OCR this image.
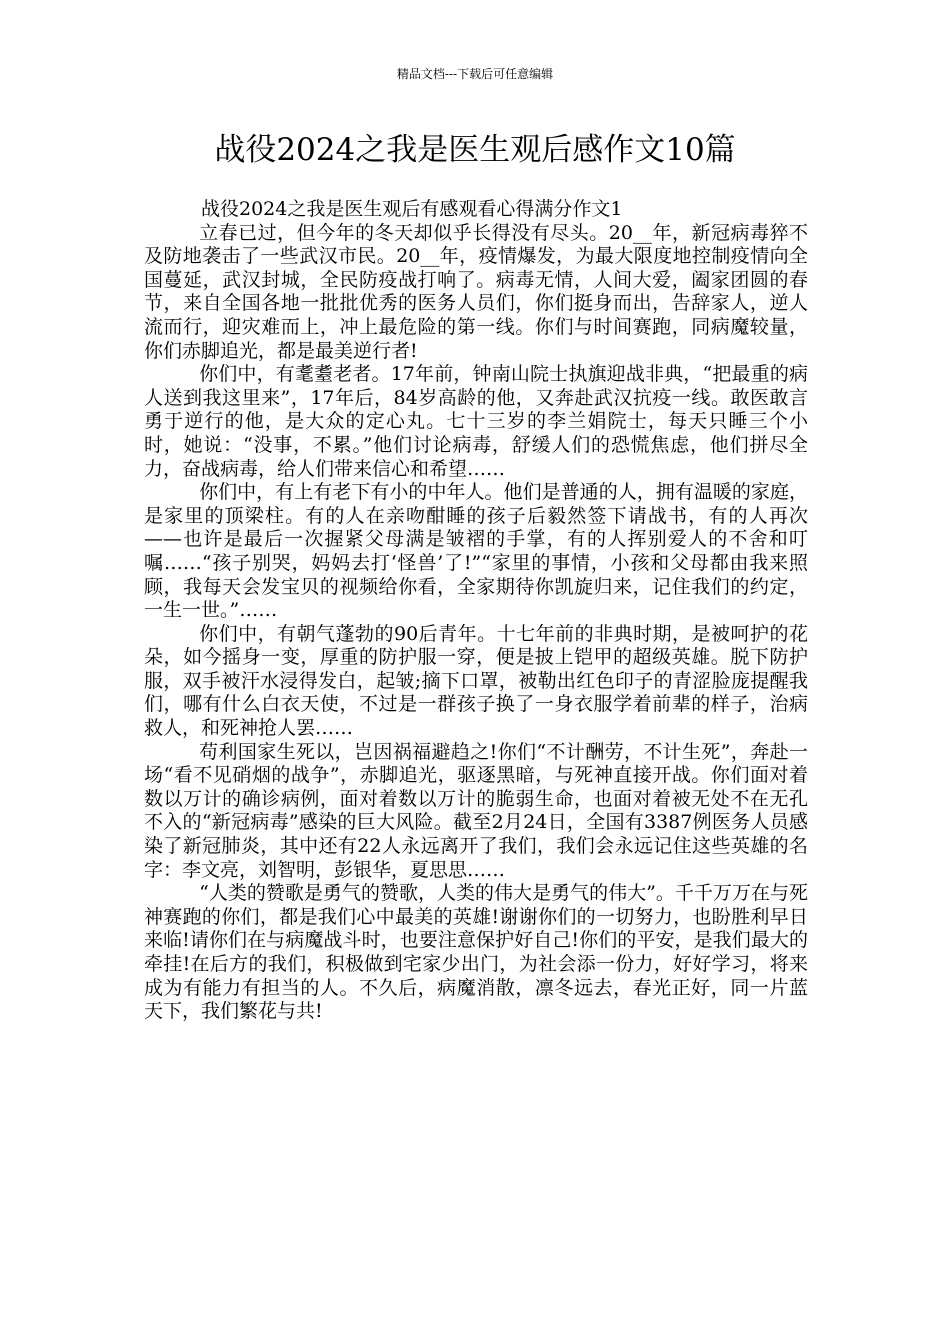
精品文档---下载后可任意编辑
战役2024之我是医生观后感作文10篇

战役2024之我是医生观后有感观看心得满分作文1

立春已过，但今年的冬天却似乎长得没有尽头。20__年，新冠病毒猝不及防地袭击了一些武汉市民。20__年，疫情爆发，为最大限度地控制疫情向全国蔓延，武汉封城，全民防疫战打响了。病毒无情，人间大爱，阖家团圆的春节，来自全国各地一批批优秀的医务人员们，你们挺身而出，告辞家人，逆人流而行，迎灾难而上，冲上最危险的第一线。你们与时间赛跑，同病魔较量，你们赤脚追光，都是最美逆行者!

你们中，有耄耋老者。17年前，钟南山院士执旗迎战非典，“把最重的病人送到我这里来”，17年后，84岁高龄的他，又奔赴武汉抗疫一线。敢医敢言勇于逆行的他，是大众的定心丸。七十三岁的李兰娟院士，每天只睡三个小时，她说：“没事，不累。”他们讨论病毒，舒缓人们的恐慌焦虑，他们拼尽全力，奋战病毒，给人们带来信心和希望……

你们中，有上有老下有小的中年人。他们是普通的人，拥有温暖的家庭，是家里的顶梁柱。有的人在亲吻酣睡的孩子后毅然签下请战书，有的人再次——也许是最后一次握紧父母满是皱褶的手掌，有的人挥别爱人的不舍和叮嘱……“孩子别哭，妈妈去打‘怪兽’了!”“家里的事情，小孩和父母都由我来照顾，我每天会发宝贝的视频给你看，全家期待你凯旋归来，记住我们的约定，一生一世。”……

你们中，有朝气蓬勃的90后青年。十七年前的非典时期，是被呵护的花朵，如今摇身一变，厚重的防护服一穿，便是披上铠甲的超级英雄。脱下防护服，双手被汗水浸得发白，起皱;摘下口罩，被勒出红色印子的青涩脸庞提醒我们，哪有什么白衣天使，不过是一群孩子换了一身衣服学着前辈的样子，治病救人，和死神抢人罢……

苟利国家生死以，岂因祸福避趋之!你们“不计酬劳，不计生死”，奔赴一场“看不见硝烟的战争”，赤脚追光，驱逐黑暗，与死神直接开战。你们面对着数以万计的确诊病例，面对着数以万计的脆弱生命，也面对着被无处不在无孔不入的“新冠病毒”感染的巨大风险。截至2月24日，全国有3387例医务人员感染了新冠肺炎，其中还有22人永远离开了我们，我们会永远记住这些英雄的名字：李文亮，刘智明，彭银华，夏思思……

“人类的赞歌是勇气的赞歌，人类的伟大是勇气的伟大”。千千万万在与死神赛跑的你们，都是我们心中最美的英雄!谢谢你们的一切努力，也盼胜利早日来临!请你们在与病魔战斗时，也要注意保护好自己!你们的平安，是我们最大的牵挂!在后方的我们，积极做到宅家少出门，为社会添一份力，好好学习，将来成为有能力有担当的人。不久后，病魔消散，凛冬远去，春光正好，同一片蓝天下，我们繁花与共!
